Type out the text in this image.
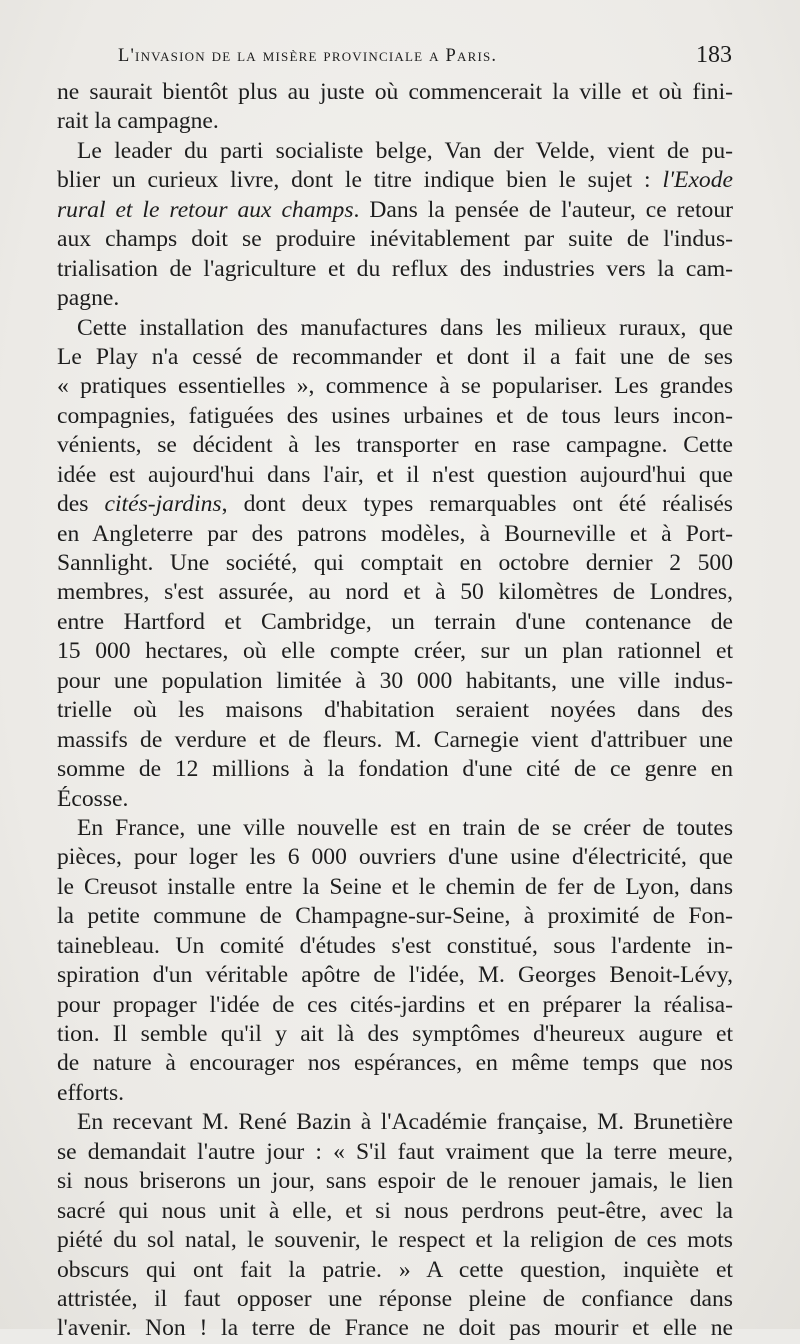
L'invasion de la misère provinciale a Paris.	183

ne saurait bientôt plus au juste où commencerait la ville et où fini-
rait la campagne.

Le leader du parti socialiste belge, Van der Velde, vient de pu-
blier un curieux livre, dont le titre indique bien le sujet : l'Exode
rural et le retour aux champs. Dans la pensée de l'auteur, ce retour
aux champs doit se produire inévitablement par suite de l'indus-
trialisation de l'agriculture et du reflux des industries vers la cam-
pagne.

Cette installation des manufactures dans les milieux ruraux, que
Le Play n'a cessé de recommander et dont il a fait une de ses
« pratiques essentielles », commence à se populariser. Les grandes
compagnies, fatiguées des usines urbaines et de tous leurs incon-
vénients, se décident à les transporter en rase campagne. Cette
idée est aujourd'hui dans l'air, et il n'est question aujourd'hui que
des cités-jardins, dont deux types remarquables ont été réalisés
en Angleterre par des patrons modèles, à Bourneville et à Port-
Sannlight. Une société, qui comptait en octobre dernier 2 500
membres, s'est assurée, au nord et à 50 kilomètres de Londres,
entre Hartford et Cambridge, un terrain d'une contenance de
15 000 hectares, où elle compte créer, sur un plan rationnel et
pour une population limitée à 30 000 habitants, une ville indus-
trielle où les maisons d'habitation seraient noyées dans des
massifs de verdure et de fleurs. M. Carnegie vient d'attribuer une
somme de 12 millions à la fondation d'une cité de ce genre en
Écosse.

En France, une ville nouvelle est en train de se créer de toutes
pièces, pour loger les 6 000 ouvriers d'une usine d'électricité, que
le Creusot installe entre la Seine et le chemin de fer de Lyon, dans
la petite commune de Champagne-sur-Seine, à proximité de Fon-
tainebleau. Un comité d'études s'est constitué, sous l'ardente in-
spiration d'un véritable apôtre de l'idée, M. Georges Benoit-Lévy,
pour propager l'idée de ces cités-jardins et en préparer la réalisa-
tion. Il semble qu'il y ait là des symptômes d'heureux augure et
de nature à encourager nos espérances, en même temps que nos
efforts.

En recevant M. René Bazin à l'Académie française, M. Brunetière
se demandait l'autre jour : « S'il faut vraiment que la terre meure,
si nous briserons un jour, sans espoir de le renouer jamais, le lien
sacré qui nous unit à elle, et si nous perdrons peut-être, avec la
piété du sol natal, le souvenir, le respect et la religion de ces mots
obscurs qui ont fait la patrie. » A cette question, inquiète et
attristée, il faut opposer une réponse pleine de confiance dans
l'avenir. Non ! la terre de France ne doit pas mourir et elle ne
